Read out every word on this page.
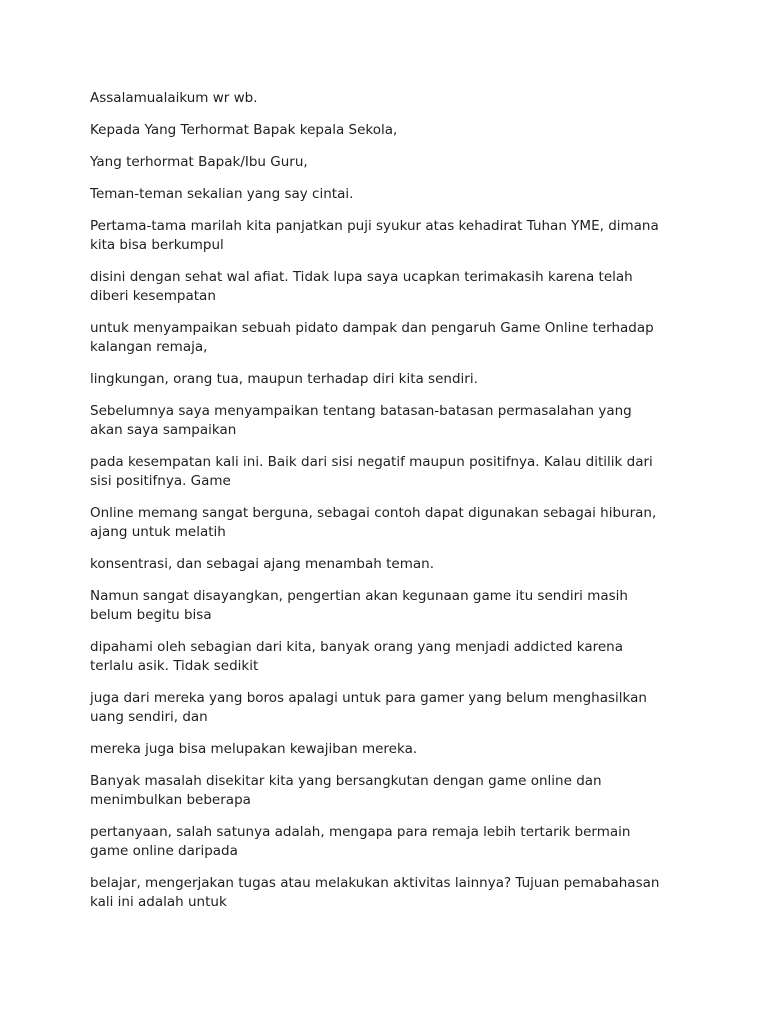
Assalamualaikum wr wb.

Kepada Yang Terhormat Bapak kepala Sekola,

Yang terhormat Bapak/Ibu Guru,

Teman-teman sekalian yang say cintai.

Pertama-tama marilah kita panjatkan puji syukur atas kehadirat Tuhan YME, dimana
kita bisa berkumpul

disini dengan sehat wal afiat. Tidak lupa saya ucapkan terimakasih karena telah
diberi kesempatan

untuk menyampaikan sebuah pidato dampak dan pengaruh Game Online terhadap
kalangan remaja,

lingkungan, orang tua, maupun terhadap diri kita sendiri.

Sebelumnya saya menyampaikan tentang batasan-batasan permasalahan yang
akan saya sampaikan

pada kesempatan kali ini. Baik dari sisi negatif maupun positifnya. Kalau ditilik dari
sisi positifnya. Game

Online memang sangat berguna, sebagai contoh dapat digunakan sebagai hiburan,
ajang untuk melatih

konsentrasi, dan sebagai ajang menambah teman.

Namun sangat disayangkan, pengertian akan kegunaan game itu sendiri masih
belum begitu bisa

dipahami oleh sebagian dari kita, banyak orang yang menjadi addicted karena
terlalu asik. Tidak sedikit

juga dari mereka yang boros apalagi untuk para gamer yang belum menghasilkan
uang sendiri, dan

mereka juga bisa melupakan kewajiban mereka.

Banyak masalah disekitar kita yang bersangkutan dengan game online dan
menimbulkan beberapa

pertanyaan, salah satunya adalah, mengapa para remaja lebih tertarik bermain
game online daripada

belajar, mengerjakan tugas atau melakukan aktivitas lainnya? Tujuan pemabahasan
kali ini adalah untuk
